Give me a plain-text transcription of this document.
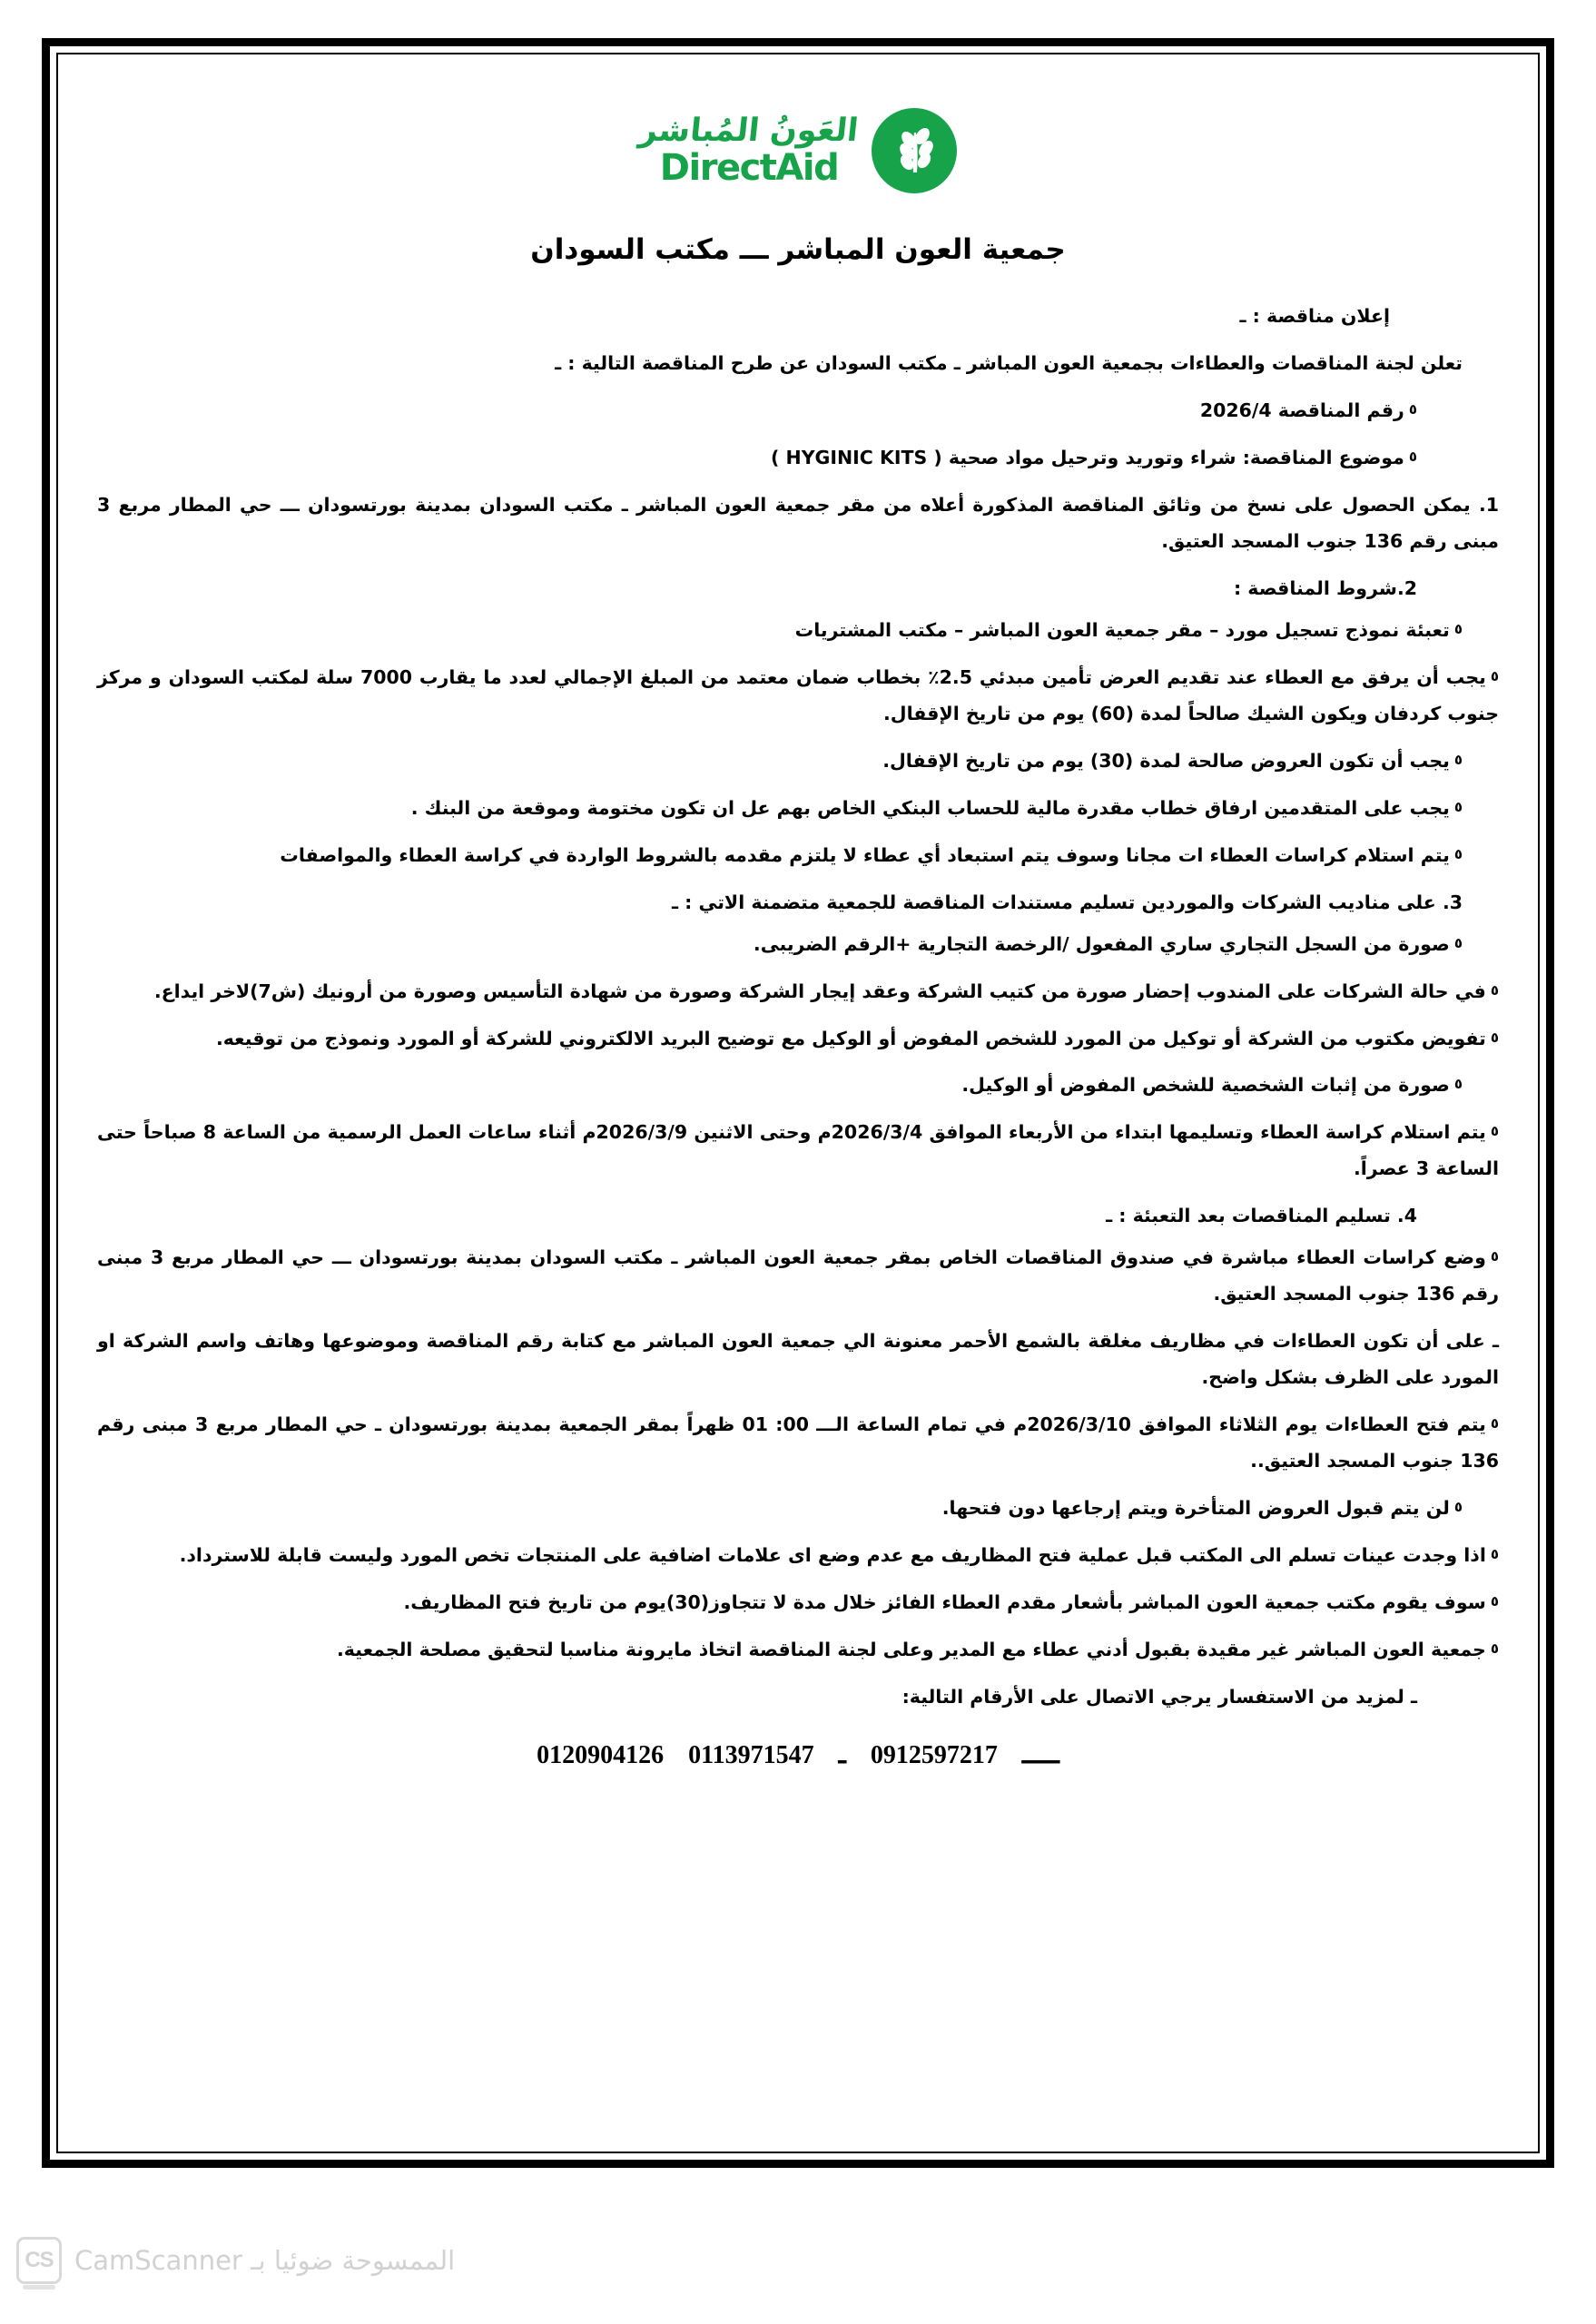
العَونُ المُباشر
DirectAid
جمعية العون المباشر ـــ مكتب السودان

إعلان مناقصة : ـ

تعلن لجنة المناقصات والعطاءات بجمعية العون المباشر ـ مكتب السودان عن طرح المناقصة التالية : ـ

٥رقم المناقصة 2026/4

٥موضوع المناقصة: شراء وتوريد وترحيل مواد صحية ( HYGINIC KITS )

1. يمكن الحصول على نسخ من وثائق المناقصة المذكورة أعلاه من مقر جمعية العون المباشر ـ مكتب السودان بمدينة بورتسودان ـــ حي المطار مربع 3 مبنى رقم 136 جنوب المسجد العتيق.

2.شروط المناقصة :

٥تعبئة نموذج تسجيل مورد – مقر جمعية العون المباشر – مكتب المشتريات

٥يجب أن يرفق مع العطاء عند تقديم العرض تأمين مبدئي 2.5٪ بخطاب ضمان معتمد من المبلغ الإجمالي لعدد ما يقارب 7000 سلة لمكتب السودان و مركز جنوب كردفان ويكون الشيك صالحاً لمدة (60) يوم من تاريخ الإقفال.

٥يجب أن تكون العروض صالحة لمدة (30) يوم من تاريخ الإقفال.

٥يجب على المتقدمين ارفاق خطاب مقدرة مالية للحساب البنكي الخاص بهم عل ان تكون مختومة وموقعة من البنك .

٥يتم استلام كراسات العطاء ات مجانا وسوف يتم استبعاد أي عطاء لا يلتزم مقدمه بالشروط الواردة في كراسة العطاء والمواصفات

3. على مناديب الشركات والموردين تسليم مستندات المناقصة للجمعية متضمنة الاتي : ـ

٥صورة من السجل التجاري ساري المفعول /الرخصة التجارية +الرقم الضريبى.

٥في حالة الشركات على المندوب إحضار صورة من كتيب الشركة وعقد إيجار الشركة وصورة من شهادة التأسيس وصورة من أرونيك (ش7)لاخر ايداع.

٥تفويض مكتوب من الشركة أو توكيل من المورد للشخص المفوض أو الوكيل مع توضيح البريد الالكتروني للشركة أو المورد ونموذج من توقيعه.

٥صورة من إثبات الشخصية للشخص المفوض أو الوكيل.

٥يتم استلام كراسة العطاء وتسليمها ابتداء من الأربعاء الموافق 2026/3/4م وحتى الاثنين 2026/3/9م أثناء ساعات العمل الرسمية من الساعة 8 صباحاً حتى الساعة 3 عصراً.

4. تسليم المناقصات بعد التعبئة : ـ

٥وضع كراسات العطاء مباشرة في صندوق المناقصات الخاص بمقر جمعية العون المباشر ـ مكتب السودان بمدينة بورتسودان ـــ حي المطار مربع 3 مبنى رقم 136 جنوب المسجد العتيق.

ـ على أن تكون العطاءات في مظاريف مغلقة بالشمع الأحمر معنونة الي جمعية العون المباشر مع كتابة رقم المناقصة وموضوعها وهاتف واسم الشركة او المورد على الظرف بشكل واضح.

٥يتم فتح العطاءات يوم الثلاثاء الموافق 2026/3/10م في تمام الساعة الـــ 00: 01 ظهراً بمقر الجمعية بمدينة بورتسودان ـ حي المطار مربع 3 مبنى رقم 136 جنوب المسجد العتيق..

٥لن يتم قبول العروض المتأخرة ويتم إرجاعها دون فتحها.

٥اذا وجدت عينات تسلم الى المكتب قبل عملية فتح المظاريف مع عدم وضع اى علامات اضافية على المنتجات تخص المورد وليست قابلة للاسترداد.

٥سوف يقوم مكتب جمعية العون المباشر بأشعار مقدم العطاء الفائز خلال مدة لا تتجاوز(30)يوم من تاريخ فتح المظاريف.

٥جمعية العون المباشر غير مقيدة بقبول أدني عطاء مع المدير وعلى لجنة المناقصة اتخاذ مايرونة مناسبا لتحقيق مصلحة الجمعية.

ـ لمزيد من الاستفسار يرجي الاتصال على الأرقام التالية:

0120904126	ـــــ 0912597217 ـ 0113971547
CS الممسوحة ضوئيا بـ CamScanner
